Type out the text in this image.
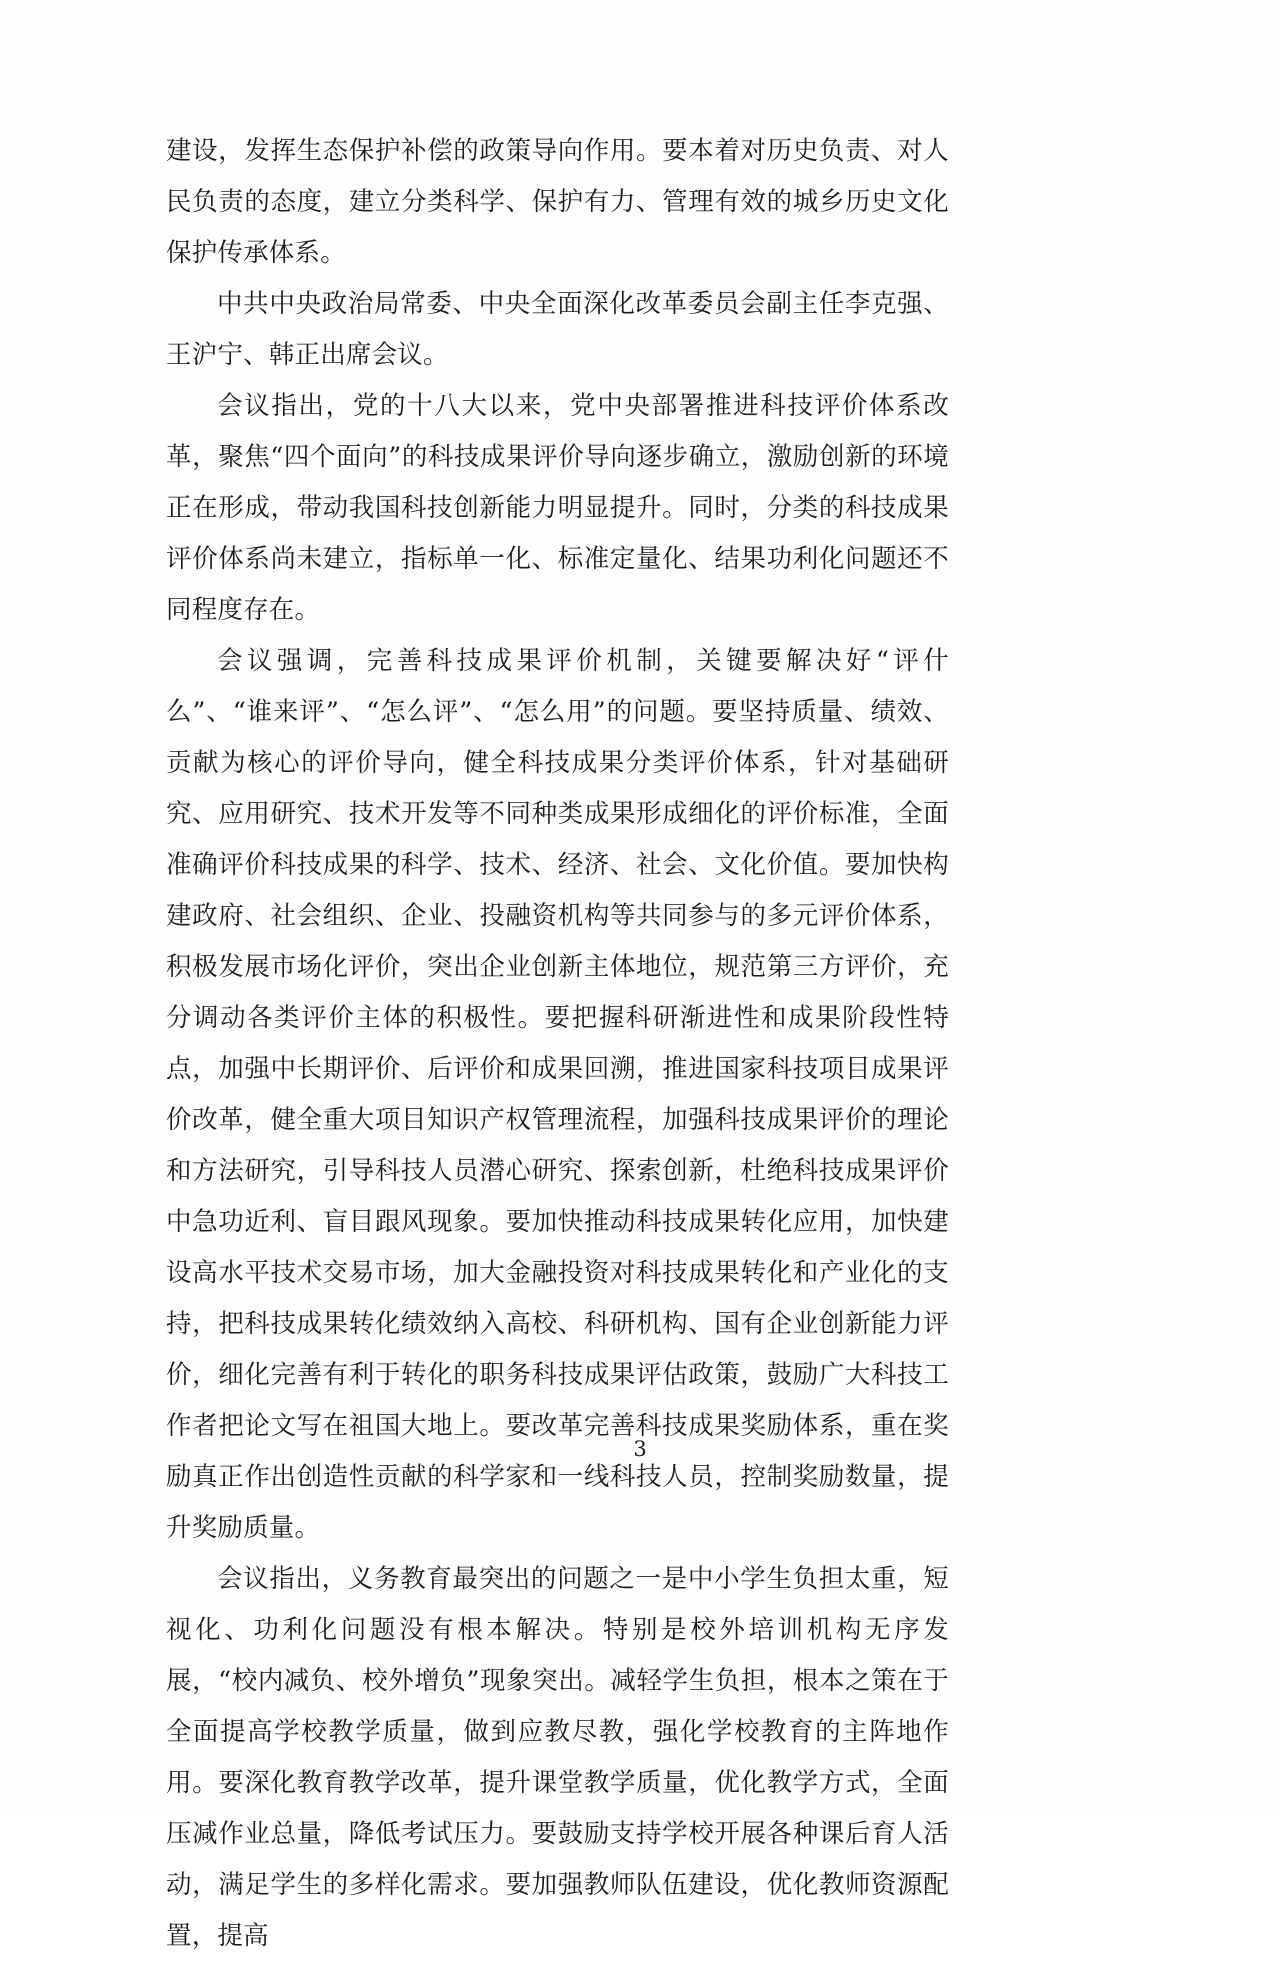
建设，发挥生态保护补偿的政策导向作用。要本着对历史负责、对人民负责的态度，建立分类科学、保护有力、管理有效的城乡历史文化保护传承体系。

中共中央政治局常委、中央全面深化改革委员会副主任李克强、王沪宁、韩正出席会议。

会议指出，党的十八大以来，党中央部署推进科技评价体系改革，聚焦“四个面向”的科技成果评价导向逐步确立，激励创新的环境正在形成，带动我国科技创新能力明显提升。同时，分类的科技成果评价体系尚未建立，指标单一化、标准定量化、结果功利化问题还不同程度存在。

会议强调，完善科技成果评价机制，关键要解决好“评什么”、“谁来评”、“怎么评”、“怎么用”的问题。要坚持质量、绩效、贡献为核心的评价导向，健全科技成果分类评价体系，针对基础研究、应用研究、技术开发等不同种类成果形成细化的评价标准，全面准确评价科技成果的科学、技术、经济、社会、文化价值。要加快构建政府、社会组织、企业、投融资机构等共同参与的多元评价体系，积极发展市场化评价，突出企业创新主体地位，规范第三方评价，充分调动各类评价主体的积极性。要把握科研渐进性和成果阶段性特点，加强中长期评价、后评价和成果回溯，推进国家科技项目成果评价改革，健全重大项目知识产权管理流程，加强科技成果评价的理论和方法研究，引导科技人员潜心研究、探索创新，杜绝科技成果评价中急功近利、盲目跟风现象。要加快推动科技成果转化应用，加快建设高水平技术交易市场，加大金融投资对科技成果转化和产业化的支持，把科技成果转化绩效纳入高校、科研机构、国有企业创新能力评价，细化完善有利于转化的职务科技成果评估政策，鼓励广大科技工作者把论文写在祖国大地上。要改革完善科技成果奖励体系，重在奖励真正作出创造性贡献的科学家和一线科技人员，控制奖励数量，提升奖励质量。

会议指出，义务教育最突出的问题之一是中小学生负担太重，短视化、功利化问题没有根本解决。特别是校外培训机构无序发展，“校内减负、校外增负”现象突出。减轻学生负担，根本之策在于全面提高学校教学质量，做到应教尽教，强化学校教育的主阵地作用。要深化教育教学改革，提升课堂教学质量，优化教学方式，全面压减作业总量，降低考试压力。要鼓励支持学校开展各种课后育人活动，满足学生的多样化需求。要加强教师队伍建设，优化教师资源配置，提高

3
